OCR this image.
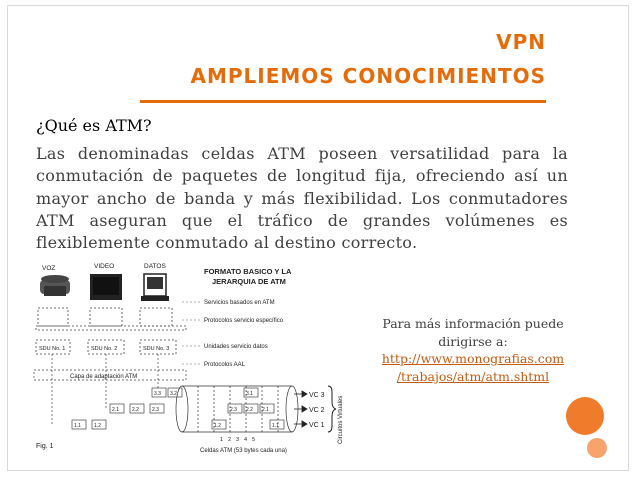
VPN
AMPLIEMOS CONOCIMIENTOS
¿Qué es ATM?
Las denominadas celdas ATM poseen versatilidad para la conmutación de paquetes de longitud fija, ofreciendo así un mayor ancho de banda y más flexibilidad. Los conmutadores ATM aseguran que el tráfico de grandes volúmenes es flexiblemente conmutado al destino correcto.
VOZ	VIDEO	DATOS
FORMATO BASICO Y LA
JERARQUIA DE ATM
Servicios basados en ATM
Protocolos servicio específico
Unidades servicio datos
Protocolos AAL
SDU No. 1	SDU No. 2	SDU No. 3
Capa de adaptación ATM
3.3 3.2	3.1
2.1	2.2	2.3	2.3 2.2 2.1
1.1	1.2	1.2	1.1
VC 3
VC 2
VC 1 Circuitos Virtuales
1 2 3 4 5
Celdas ATM (53 bytes cada una)
Fig. 1
Para más información puede
dirigirse a:
http://www.monografias.com
/trabajos/atm/atm.shtml
